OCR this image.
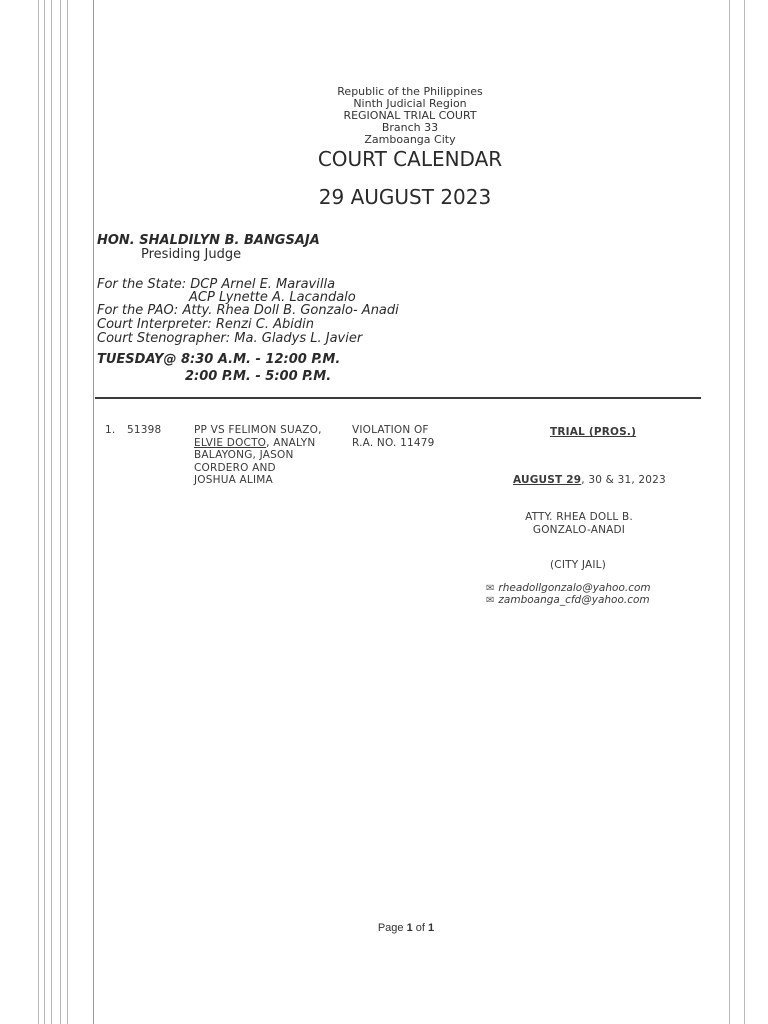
Republic of the Philippines
Ninth Judicial Region
REGIONAL TRIAL COURT
Branch 33
Zamboanga City
COURT CALENDAR
29 AUGUST 2023
HON. SHALDILYN B. BANGSAJA
Presiding Judge
For the State: DCP Arnel E. Maravilla
ACP Lynette A. Lacandalo
For the PAO: Atty. Rhea Doll B. Gonzalo- Anadi
Court Interpreter: Renzi C. Abidin
Court Stenographer: Ma. Gladys L. Javier
TUESDAY@ 8:30 A.M. - 12:00 P.M.
2:00 P.M. - 5:00 P.M.
1. 51398	PP VS FELIMON SUAZO,
ELVIE DOCTO, ANALYN
BALAYONG, JASON
CORDERO AND
JOSHUA ALIMA
VIOLATION OF
R.A. NO. 11479
TRIAL (PROS.)
AUGUST 29, 30 & 31, 2023
ATTY. RHEA DOLL B.
GONZALO-ANADI
(CITY JAIL)
✉ rheadollgonzalo@yahoo.com
✉ zamboanga_cfd@yahoo.com
Page 1 of 1
